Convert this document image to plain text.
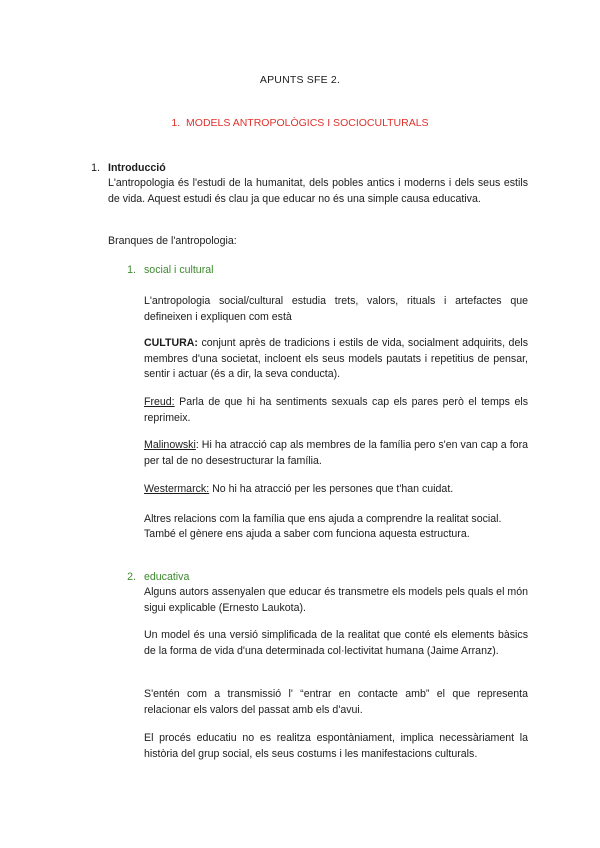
APUNTS SFE 2.
1. MODELS ANTROPOLÒGICS I SOCIOCULTURALS
1. Introducció
L'antropologia és l'estudi de la humanitat, dels pobles antics i moderns i dels seus estils de vida. Aquest estudi és clau ja que educar no és una simple causa educativa.
Branques de l'antropologia:
1. social i cultural
L'antropologia social/cultural estudia trets, valors, rituals i artefactes que defineixen i expliquen com està
CULTURA: conjunt après de tradicions i estils de vida, socialment adquirits, dels membres d'una societat, incloent els seus models pautats i repetitius de pensar, sentir i actuar (és a dir, la seva conducta).
Freud: Parla de que hi ha sentiments sexuals cap els pares però el temps els reprimeix.
Malinowski: Hi ha atracció cap als membres de la família pero s'en van cap a fora per tal de no desestructurar la família.
Westermarck: No hi ha atracció per les persones que t'han cuidat.
Altres relacions com la família que ens ajuda a comprendre la realitat social.
També el gènere ens ajuda a saber com funciona aquesta estructura.
2. educativa
Alguns autors assenyalen que educar és transmetre els models pels quals el món sigui explicable (Ernesto Laukota).
Un model és una versió simplificada de la realitat que conté els elements bàsics de la forma de vida d'una determinada col·lectivitat humana (Jaime Arranz).
S'entén com a transmissió l' “entrar en contacte amb” el que representa relacionar els valors del passat amb els d'avui.
El procés educatiu no es realitza espontàniament, implica necessàriament la història del grup social, els seus costums i les manifestacions culturals.
